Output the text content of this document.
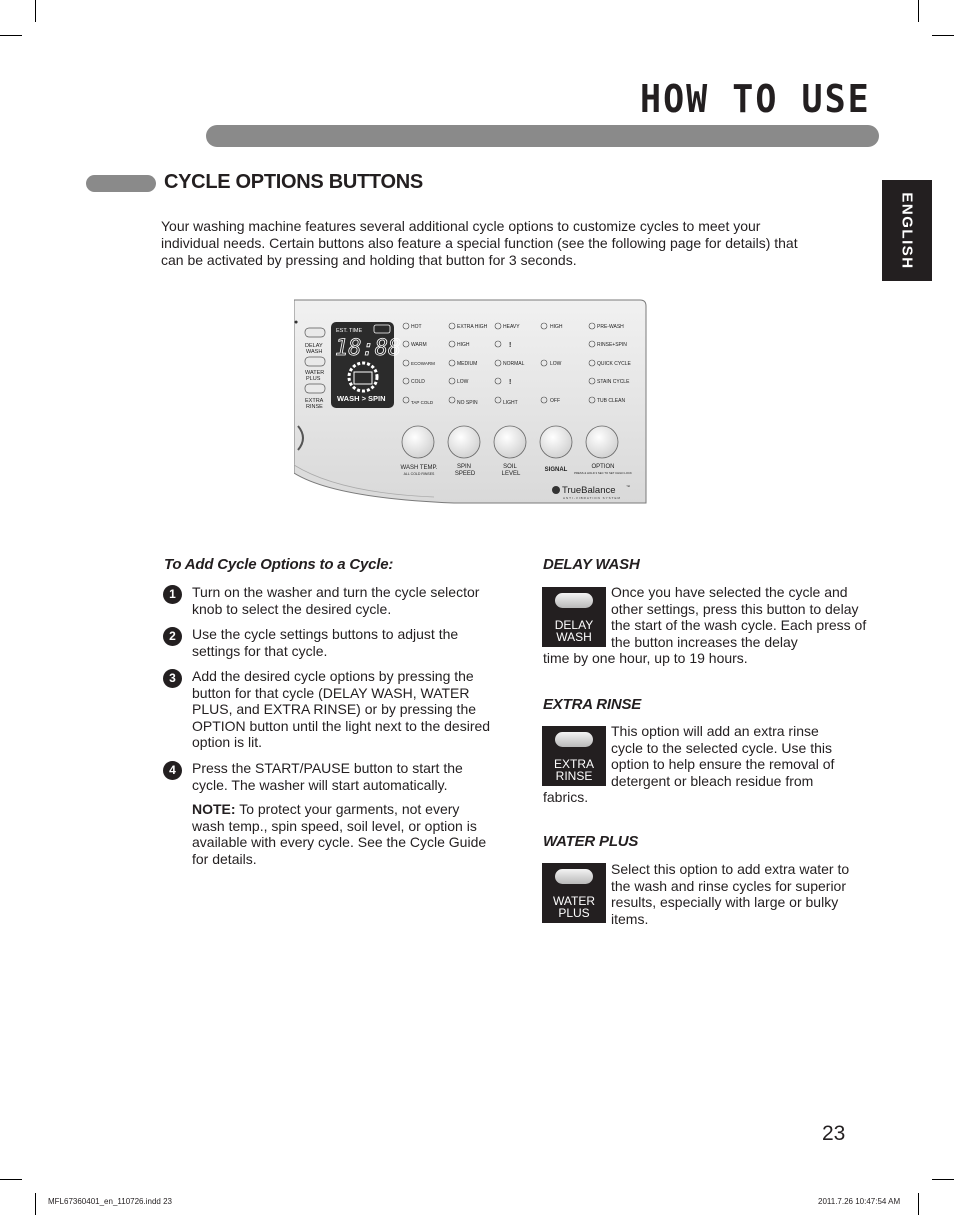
HOW TO USE
ENGLISH
CYCLE OPTIONS BUTTONS
Your washing machine features several additional cycle options to customize cycles to meet your individual needs. Certain buttons also feature a special function (see the following page for details) that can be activated by pressing and holding that button for 3 seconds.
●
DELAY
WASH
WATER
PLUS
EXTRA
RINSE
EST. TIME
18:88
WASH > SPIN
HOT
WARM
ECOWARM
COLD
TAP COLD
EXTRA HIGH
HIGH
MEDIUM
LOW
NO SPIN
HEAVY
!
NORMAL
!
LIGHT
HIGH
LOW
OFF
PRE-WASH
RINSE+SPIN
QUICK CYCLE
STAIN CYCLE
TUB CLEAN
WASH TEMP.
ALL COLD RINSES
SPIN
SPEED
SOIL
LEVEL
SIGNAL	OPTION
PRESS & HOLD 3 SEC TO SET CHILD LOCK
TrueBalance	™
ANTI-VIBRATION SYSTEM
To Add Cycle Options to a Cycle:
1	Turn on the washer and turn the cycle selector knob to select the desired cycle.
2	Use the cycle settings buttons to adjust the settings for that cycle.
3	Add the desired cycle options by pressing the button for that cycle (DELAY WASH, WATER PLUS, and EXTRA RINSE) or by pressing the OPTION button until the light next to the desired option is lit.
4	Press the START/PAUSE button to start the cycle. The washer will start automatically.
NOTE: To protect your garments, not every wash temp., spin speed, soil level, or option is available with every cycle. See the Cycle Guide for details.
DELAY WASH
DELAY
WASH
Once you have selected the cycle and other settings, press this button to delay the start of the wash cycle. Each press of the button increases the delay
time by one hour, up to 19 hours.
EXTRA RINSE
EXTRA
RINSE
This option will add an extra rinse cycle to the selected cycle. Use this option to help ensure the removal of detergent or bleach residue from
fabrics.
WATER PLUS
WATER
PLUS
Select this option to add extra water to the wash and rinse cycles for superior results, especially with large or bulky items.
23
MFL67360401_en_110726.indd 23	2011.7.26 10:47:54 AM
